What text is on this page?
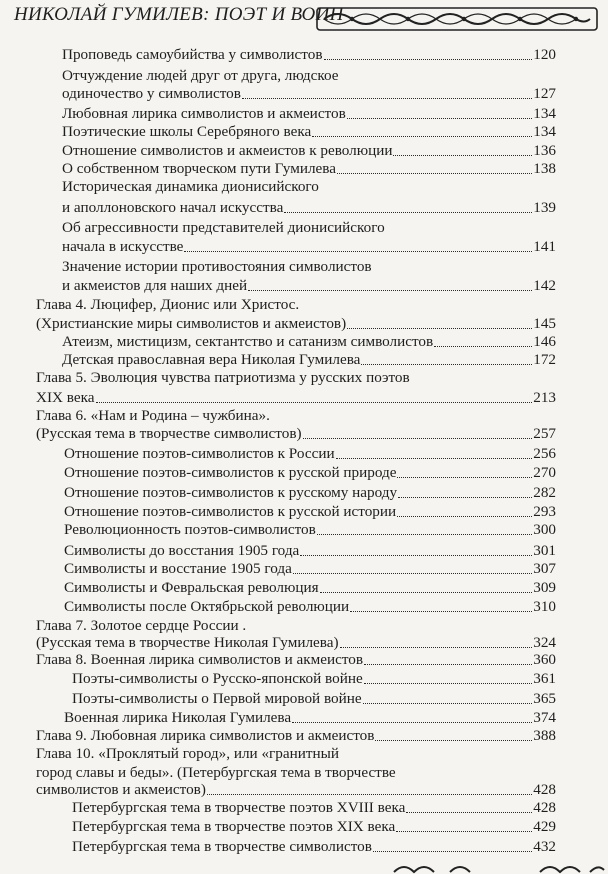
НИКОЛАЙ ГУМИЛЕВ: ПОЭТ И ВОИН
Проповедь самоубийства у символистов	120
Отчуждение людей друг от друга, людское
одиночество у символистов	127
Любовная лирика символистов и акмеистов	134
Поэтические школы Серебряного века	134
Отношение символистов и акмеистов к революции	136
О собственном творческом пути Гумилева	138
Историческая динамика дионисийского
и аполлоновского начал искусства	139
Об агрессивности представителей дионисийского
начала в искусстве	141
Значение истории противостояния символистов
и акмеистов для наших дней	142
Глава 4. Люцифер, Дионис или Христос.
(Христианские миры символистов и акмеистов)	145
Атеизм, мистицизм, сектантство и сатанизм символистов	146
Детская православная вера Николая Гумилева	172
Глава 5. Эволюция чувства патриотизма у русских поэтов
XIX века	213
Глава 6. «Нам и Родина – чужбина».
(Русская тема в творчестве символистов)	257
Отношение поэтов-символистов к России	256
Отношение поэтов-символистов к русской природе	270
Отношение поэтов-символистов к русскому народу	282
Отношение поэтов-символистов к русской истории	293
Революционность поэтов-символистов	300
Символисты до восстания 1905 года	301
Символисты и восстание 1905 года	307
Символисты и Февральская революция	309
Символисты после Октябрьской революции	310
Глава 7. Золотое сердце России .
(Русская тема в творчестве Николая Гумилева)	324
Глава 8. Военная лирика символистов и акмеистов	360
Поэты-символисты о Русско-японской войне	361
Поэты-символисты о Первой мировой войне	365
Военная лирика Николая Гумилева	374
Глава 9. Любовная лирика символистов и акмеистов	388
Глава 10. «Проклятый город», или «гранитный
город славы и беды». (Петербургская тема в творчестве
символистов и акмеистов)	428
Петербургская тема в творчестве поэтов XVIII века	428
Петербургская тема в творчестве поэтов XIX века	429
Петербургская тема в творчестве символистов	432
